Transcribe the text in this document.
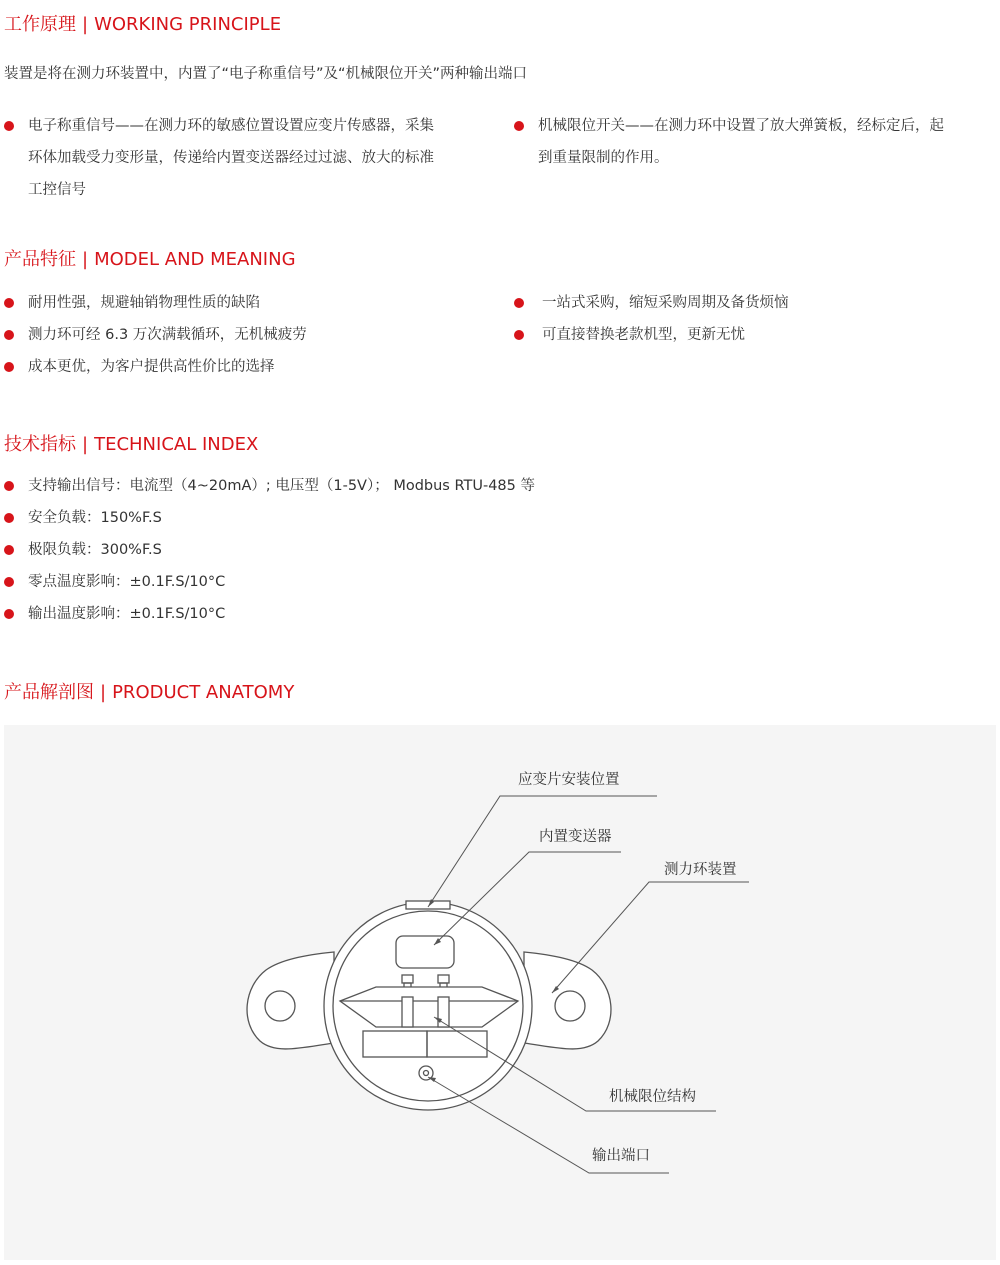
工作原理 | WORKING PRINCIPLE
装置是将在测力环装置中，内置了“电子称重信号”及“机械限位开关”两种输出端口
电子称重信号——在测力环的敏感位置设置应变片传感器，采集
环体加载受力变形量，传递给内置变送器经过过滤、放大的标准
工控信号
机械限位开关——在测力环中设置了放大弹簧板，经标定后，起
到重量限制的作用。
产品特征 | MODEL AND MEANING
耐用性强，规避轴销物理性质的缺陷
测力环可经 6.3 万次满载循环，无机械疲劳
成本更优，为客户提供高性价比的选择
一站式采购，缩短采购周期及备货烦恼
可直接替换老款机型，更新无忧
技术指标 | TECHNICAL INDEX
支持输出信号：电流型（4~20mA）; 电压型（1-5V）； Modbus RTU-485 等
安全负载：150%F.S
极限负载：300%F.S
零点温度影响：±0.1F.S/10°C
输出温度影响：±0.1F.S/10°C
产品解剖图 | PRODUCT ANATOMY
应变片安装位置
内置变送器
测力环装置
机械限位结构
输出端口
